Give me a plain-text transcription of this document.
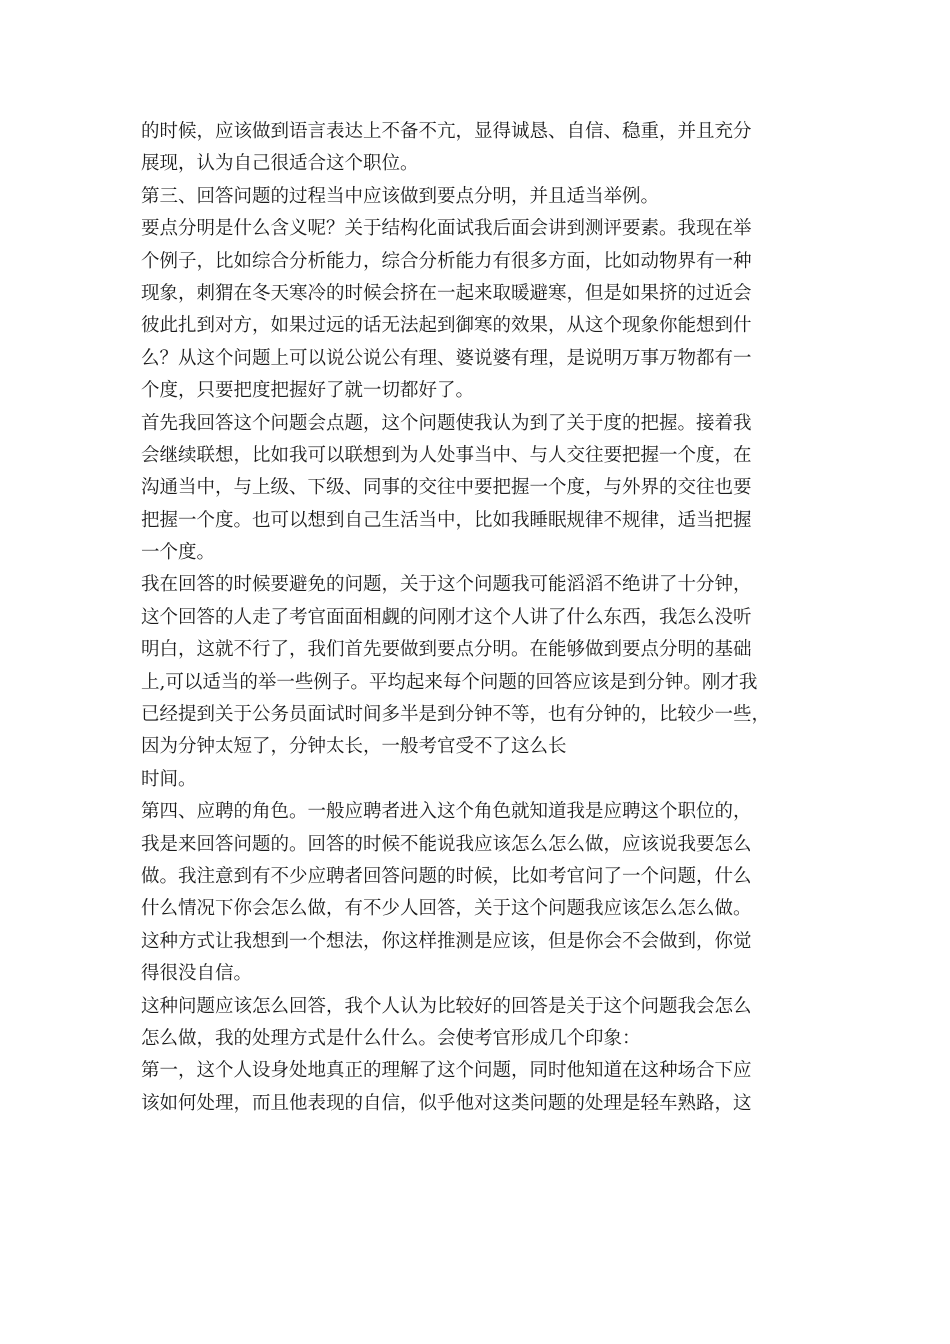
的时候，应该做到语言表达上不备不亢，显得诚恳、自信、稳重，并且充分
展现，认为自己很适合这个职位。
第三、回答问题的过程当中应该做到要点分明，并且适当举例。
要点分明是什么含义呢？关于结构化面试我后面会讲到测评要素。我现在举
个例子，比如综合分析能力，综合分析能力有很多方面，比如动物界有一种
现象，刺猬在冬天寒冷的时候会挤在一起来取暖避寒，但是如果挤的过近会
彼此扎到对方，如果过远的话无法起到御寒的效果，从这个现象你能想到什
么？从这个问题上可以说公说公有理、婆说婆有理，是说明万事万物都有一
个度，只要把度把握好了就一切都好了。
首先我回答这个问题会点题，这个问题使我认为到了关于度的把握。接着我
会继续联想，比如我可以联想到为人处事当中、与人交往要把握一个度，在
沟通当中，与上级、下级、同事的交往中要把握一个度，与外界的交往也要
把握一个度。也可以想到自己生活当中，比如我睡眠规律不规律，适当把握
一个度。
我在回答的时候要避免的问题，关于这个问题我可能滔滔不绝讲了十分钟，
这个回答的人走了考官面面相觑的问刚才这个人讲了什么东西，我怎么没听
明白，这就不行了，我们首先要做到要点分明。在能够做到要点分明的基础
上,可以适当的举一些例子。平均起来每个问题的回答应该是到分钟。刚才我
已经提到关于公务员面试时间多半是到分钟不等，也有分钟的，比较少一些，
因为分钟太短了，分钟太长，一般考官受不了这么长
时间。
第四、应聘的角色。一般应聘者进入这个角色就知道我是应聘这个职位的，
我是来回答问题的。回答的时候不能说我应该怎么怎么做，应该说我要怎么
做。我注意到有不少应聘者回答问题的时候，比如考官问了一个问题，什么
什么情况下你会怎么做，有不少人回答，关于这个问题我应该怎么怎么做。
这种方式让我想到一个想法，你这样推测是应该，但是你会不会做到，你觉
得很没自信。
这种问题应该怎么回答，我个人认为比较好的回答是关于这个问题我会怎么
怎么做，我的处理方式是什么什么。会使考官形成几个印象：
第一，这个人设身处地真正的理解了这个问题，同时他知道在这种场合下应
该如何处理，而且他表现的自信，似乎他对这类问题的处理是轻车熟路，这
